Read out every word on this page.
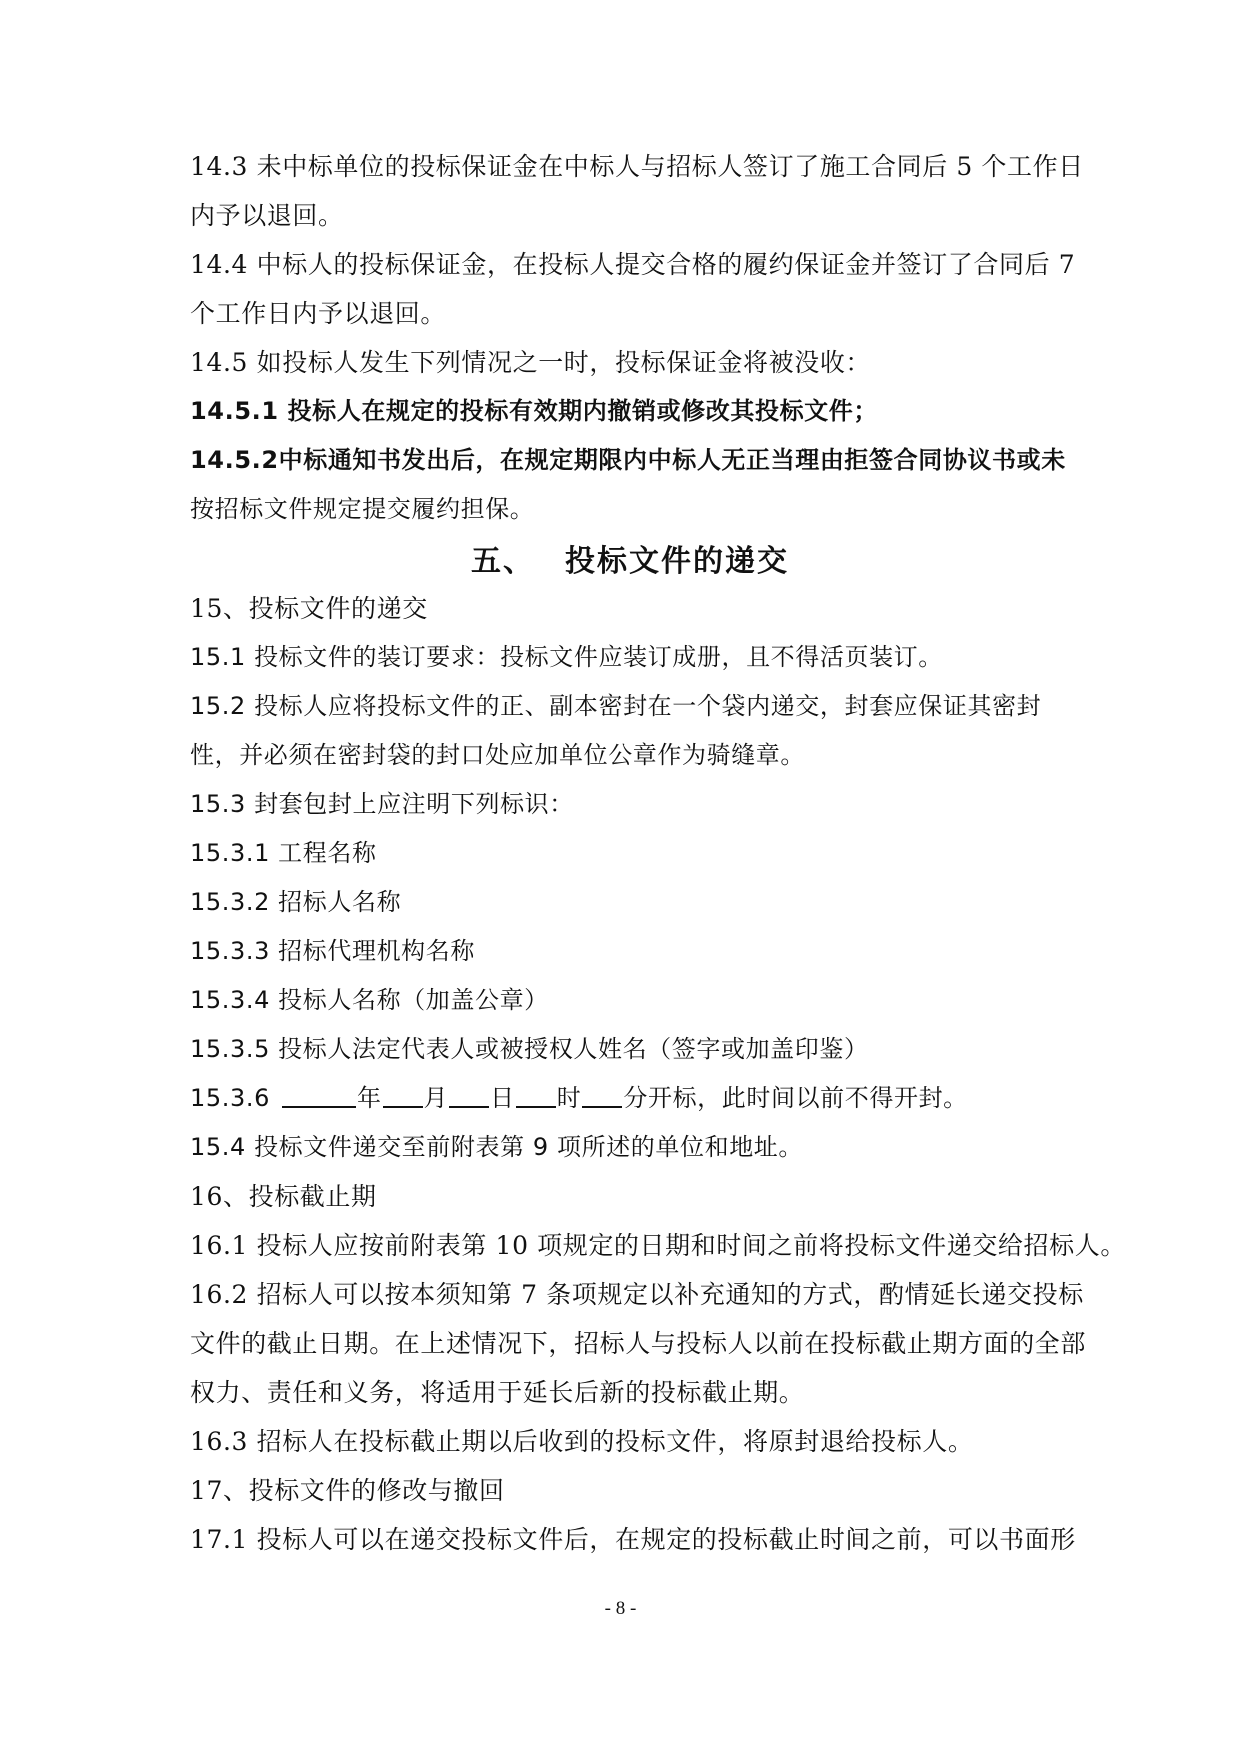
14.3 未中标单位的投标保证金在中标人与招标人签订了施工合同后 5 个工作日
内予以退回。
14.4 中标人的投标保证金，在投标人提交合格的履约保证金并签订了合同后 7
个工作日内予以退回。
14.5 如投标人发生下列情况之一时，投标保证金将被没收：
14.5.1 投标人在规定的投标有效期内撤销或修改其投标文件；
14.5.2中标通知书发出后，在规定期限内中标人无正当理由拒签合同协议书或未
按招标文件规定提交履约担保。
五、 投标文件的递交
15、投标文件的递交
15.1 投标文件的装订要求：投标文件应装订成册，且不得活页装订。
15.2 投标人应将投标文件的正、副本密封在一个袋内递交，封套应保证其密封
性，并必须在密封袋的封口处应加单位公章作为骑缝章。
15.3 封套包封上应注明下列标识：
15.3.1 工程名称
15.3.2 招标人名称
15.3.3 招标代理机构名称
15.3.4 投标人名称（加盖公章）
15.3.5 投标人法定代表人或被授权人姓名（签字或加盖印鉴）
15.3.6	年 月 日 时 分开标，此时间以前不得开封。
15.4 投标文件递交至前附表第 9 项所述的单位和地址。
16、投标截止期
16.1 投标人应按前附表第 10 项规定的日期和时间之前将投标文件递交给招标人。
16.2 招标人可以按本须知第 7 条项规定以补充通知的方式，酌情延长递交投标
文件的截止日期。在上述情况下，招标人与投标人以前在投标截止期方面的全部
权力、责任和义务，将适用于延长后新的投标截止期。
16.3 招标人在投标截止期以后收到的投标文件，将原封退给投标人。
17、投标文件的修改与撤回
17.1 投标人可以在递交投标文件后，在规定的投标截止时间之前，可以书面形
- 8 -
